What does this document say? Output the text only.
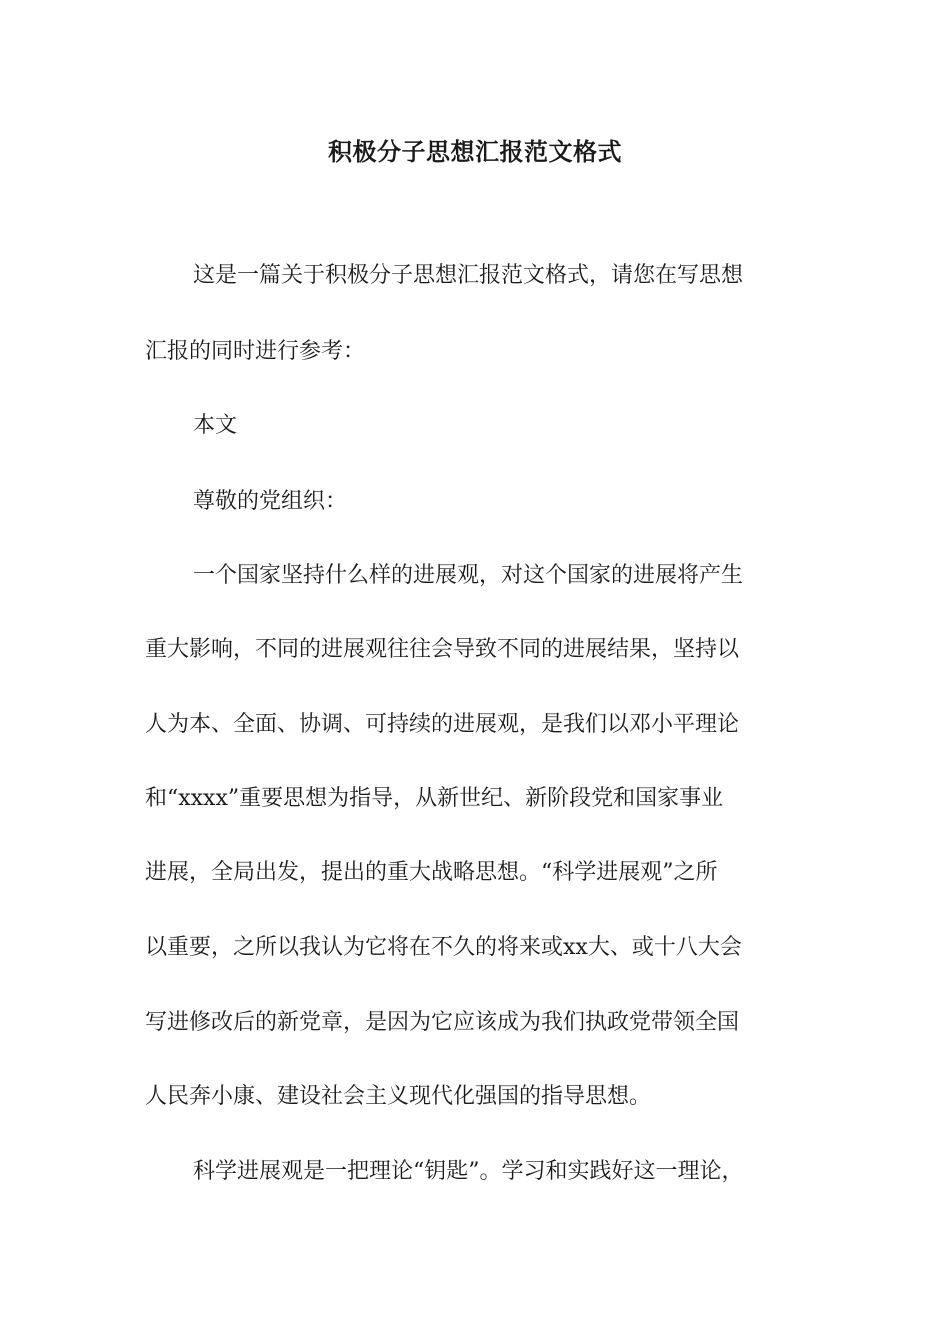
积极分子思想汇报范文格式

这是一篇关于积极分子思想汇报范文格式，请您在写思想

汇报的同时进行参考：

本文

尊敬的党组织：

一个国家坚持什么样的进展观，对这个国家的进展将产生

重大影响，不同的进展观往往会导致不同的进展结果，坚持以

人为本、全面、协调、可持续的进展观，是我们以邓小平理论

和“xxxx”重要思想为指导，从新世纪、新阶段党和国家事业

进展，全局出发，提出的重大战略思想。“科学进展观”之所

以重要，之所以我认为它将在不久的将来或xx大、或十八大会

写进修改后的新党章，是因为它应该成为我们执政党带领全国

人民奔小康、建设社会主义现代化强国的指导思想。

科学进展观是一把理论“钥匙”。学习和实践好这一理论，
